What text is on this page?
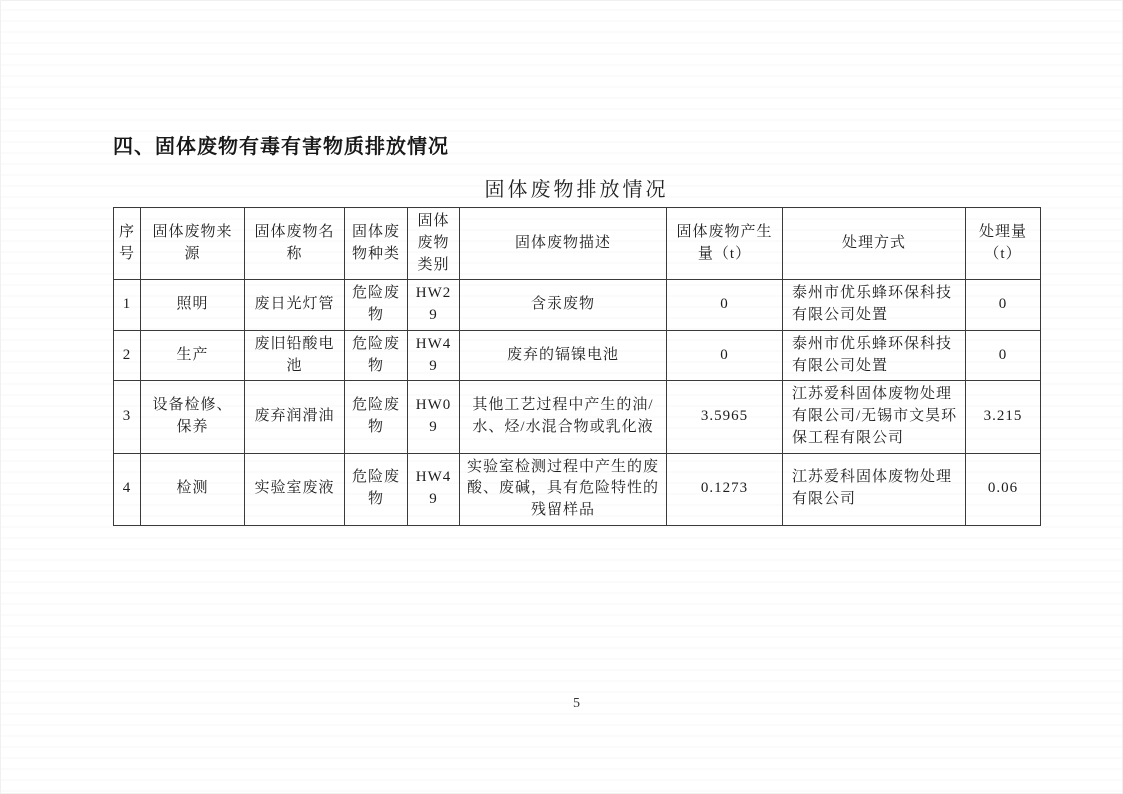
四、固体废物有毒有害物质排放情况
固体废物排放情况
序号	固体废物来源	固体废物名称	固体废物种类	固体废物类别	固体废物描述	固体废物产生量（t）	处理方式	处理量（t）
1	照明	废日光灯管	危险废物	HW29	含汞废物	0	泰州市优乐蜂环保科技有限公司处置	0
2	生产	废旧铅酸电池	危险废物	HW49	废弃的镉镍电池	0	泰州市优乐蜂环保科技有限公司处置	0
3	设备检修、保养	废弃润滑油	危险废物	HW09	其他工艺过程中产生的油/水、烃/水混合物或乳化液	3.5965	江苏爱科固体废物处理有限公司/无锡市文昊环保工程有限公司	3.215
4	检测	实验室废液	危险废物	HW49	实验室检测过程中产生的废酸、废碱，具有危险特性的残留样品	0.1273	江苏爱科固体废物处理有限公司	0.06
5
